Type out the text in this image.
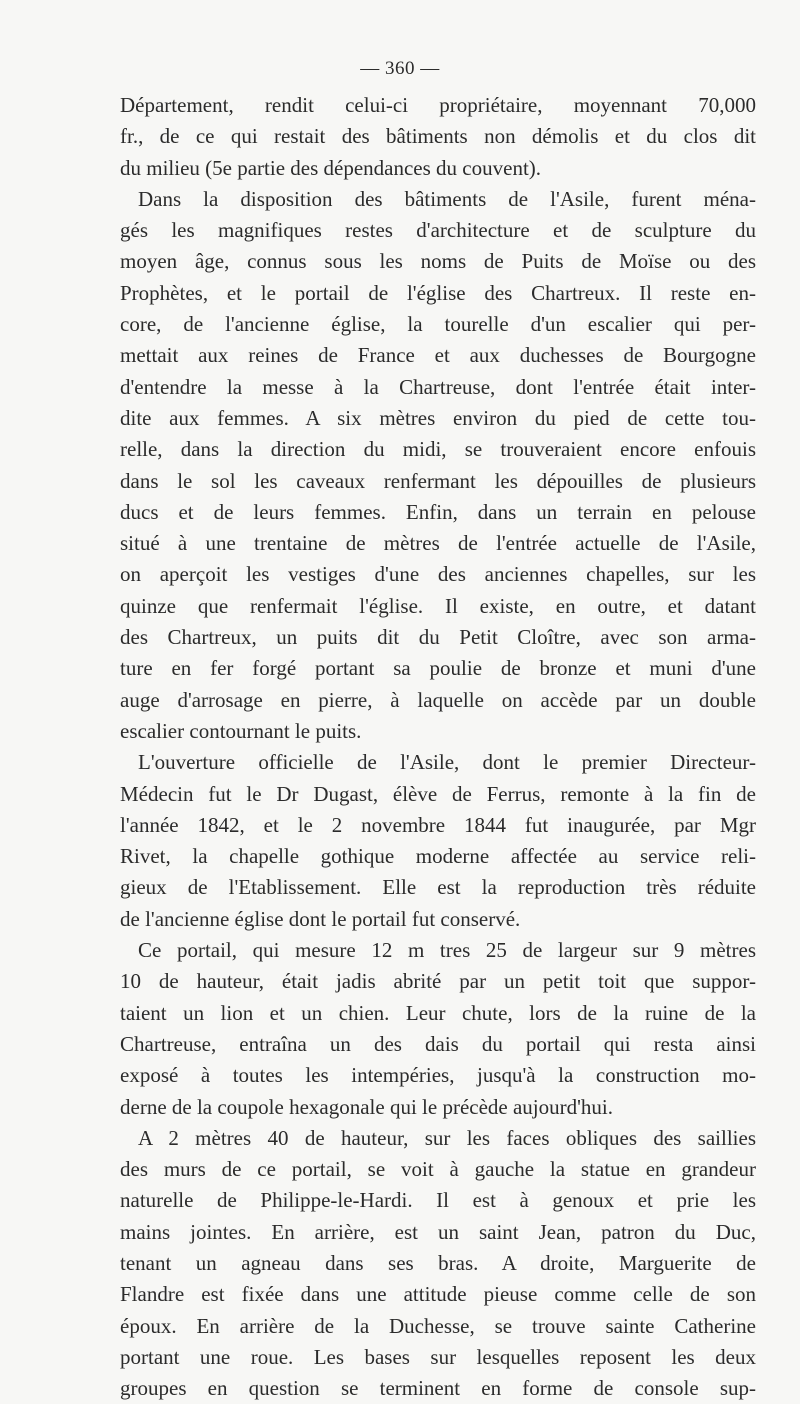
— 360 —
Département, rendit celui-ci propriétaire, moyennant 70,000
fr., de ce qui restait des bâtiments non démolis et du clos dit
du milieu (5e partie des dépendances du couvent).
Dans la disposition des bâtiments de l'Asile, furent ména-
gés les magnifiques restes d'architecture et de sculpture du
moyen âge, connus sous les noms de Puits de Moïse ou des
Prophètes, et le portail de l'église des Chartreux. Il reste en-
core, de l'ancienne église, la tourelle d'un escalier qui per-
mettait aux reines de France et aux duchesses de Bourgogne
d'entendre la messe à la Chartreuse, dont l'entrée était inter-
dite aux femmes. A six mètres environ du pied de cette tou-
relle, dans la direction du midi, se trouveraient encore enfouis
dans le sol les caveaux renfermant les dépouilles de plusieurs
ducs et de leurs femmes. Enfin, dans un terrain en pelouse
situé à une trentaine de mètres de l'entrée actuelle de l'Asile,
on aperçoit les vestiges d'une des anciennes chapelles, sur les
quinze que renfermait l'église. Il existe, en outre, et datant
des Chartreux, un puits dit du Petit Cloître, avec son arma-
ture en fer forgé portant sa poulie de bronze et muni d'une
auge d'arrosage en pierre, à laquelle on accède par un double
escalier contournant le puits.
L'ouverture officielle de l'Asile, dont le premier Directeur-
Médecin fut le Dr Dugast, élève de Ferrus, remonte à la fin de
l'année 1842, et le 2 novembre 1844 fut inaugurée, par Mgr
Rivet, la chapelle gothique moderne affectée au service reli-
gieux de l'Etablissement. Elle est la reproduction très réduite
de l'ancienne église dont le portail fut conservé.
Ce portail, qui mesure 12 m tres 25 de largeur sur 9 mètres
10 de hauteur, était jadis abrité par un petit toit que suppor-
taient un lion et un chien. Leur chute, lors de la ruine de la
Chartreuse, entraîna un des dais du portail qui resta ainsi
exposé à toutes les intempéries, jusqu'à la construction mo-
derne de la coupole hexagonale qui le précède aujourd'hui.
A 2 mètres 40 de hauteur, sur les faces obliques des saillies
des murs de ce portail, se voit à gauche la statue en grandeur
naturelle de Philippe-le-Hardi. Il est à genoux et prie les
mains jointes. En arrière, est un saint Jean, patron du Duc,
tenant un agneau dans ses bras. A droite, Marguerite de
Flandre est fixée dans une attitude pieuse comme celle de son
époux. En arrière de la Duchesse, se trouve sainte Catherine
portant une roue. Les bases sur lesquelles reposent les deux
groupes en question se terminent en forme de console sup-
